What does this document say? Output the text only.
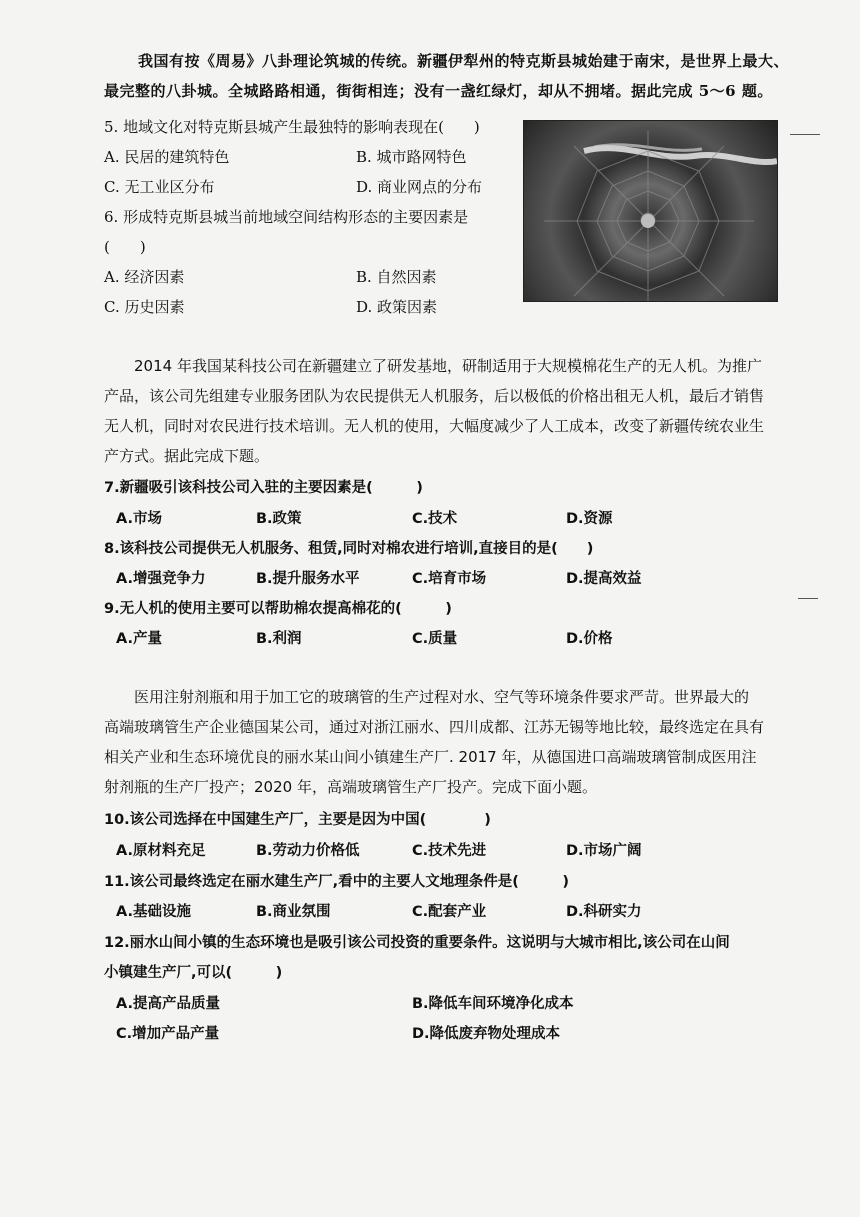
我国有按《周易》八卦理论筑城的传统。新疆伊犁州的特克斯县城始建于南宋，是世界上最大、
最完整的八卦城。全城路路相通，街街相连；没有一盏红绿灯，却从不拥堵。据此完成 5～6 题。
5. 地域文化对特克斯县城产生最独特的影响表现在(　　)
A. 民居的建筑特色	B. 城市路网特色
C. 无工业区分布	D. 商业网点的分布
6. 形成特克斯县城当前地域空间结构形态的主要因素是
(　　)
A. 经济因素	B. 自然因素
C. 历史因素	D. 政策因素
2014 年我国某科技公司在新疆建立了研发基地，研制适用于大规模棉花生产的无人机。为推广
产品，该公司先组建专业服务团队为农民提供无人机服务，后以极低的价格出租无人机，最后才销售
无人机，同时对农民进行技术培训。无人机的使用，大幅度减少了人工成本，改变了新疆传统农业生
产方式。据此完成下题。
7.新疆吸引该科技公司入驻的主要因素是(　　　)
A.市场	B.政策	C.技术	D.资源
8.该科技公司提供无人机服务、租赁,同时对棉农进行培训,直接目的是(　　)
A.增强竞争力	B.提升服务水平	C.培育市场	D.提高效益
9.无人机的使用主要可以帮助棉农提高棉花的(　　　)
A.产量	B.利润	C.质量	D.价格
医用注射剂瓶和用于加工它的玻璃管的生产过程对水、空气等环境条件要求严苛。世界最大的
高端玻璃管生产企业德国某公司，通过对浙江丽水、四川成都、江苏无锡等地比较，最终选定在具有
相关产业和生态环境优良的丽水某山间小镇建生产厂. 2017 年，从德国进口高端玻璃管制成医用注
射剂瓶的生产厂投产；2020 年，高端玻璃管生产厂投产。完成下面小题。
10.该公司选择在中国建生产厂，主要是因为中国(　　　　)
A.原材料充足	B.劳动力价格低	C.技术先进	D.市场广阔
11.该公司最终选定在丽水建生产厂,看中的主要人文地理条件是(　　　)
A.基础设施	B.商业氛围	C.配套产业	D.科研实力
12.丽水山间小镇的生态环境也是吸引该公司投资的重要条件。这说明与大城市相比,该公司在山间
小镇建生产厂,可以(　　　)
A.提高产品质量	B.降低车间环境净化成本
C.增加产品产量	D.降低废弃物处理成本
